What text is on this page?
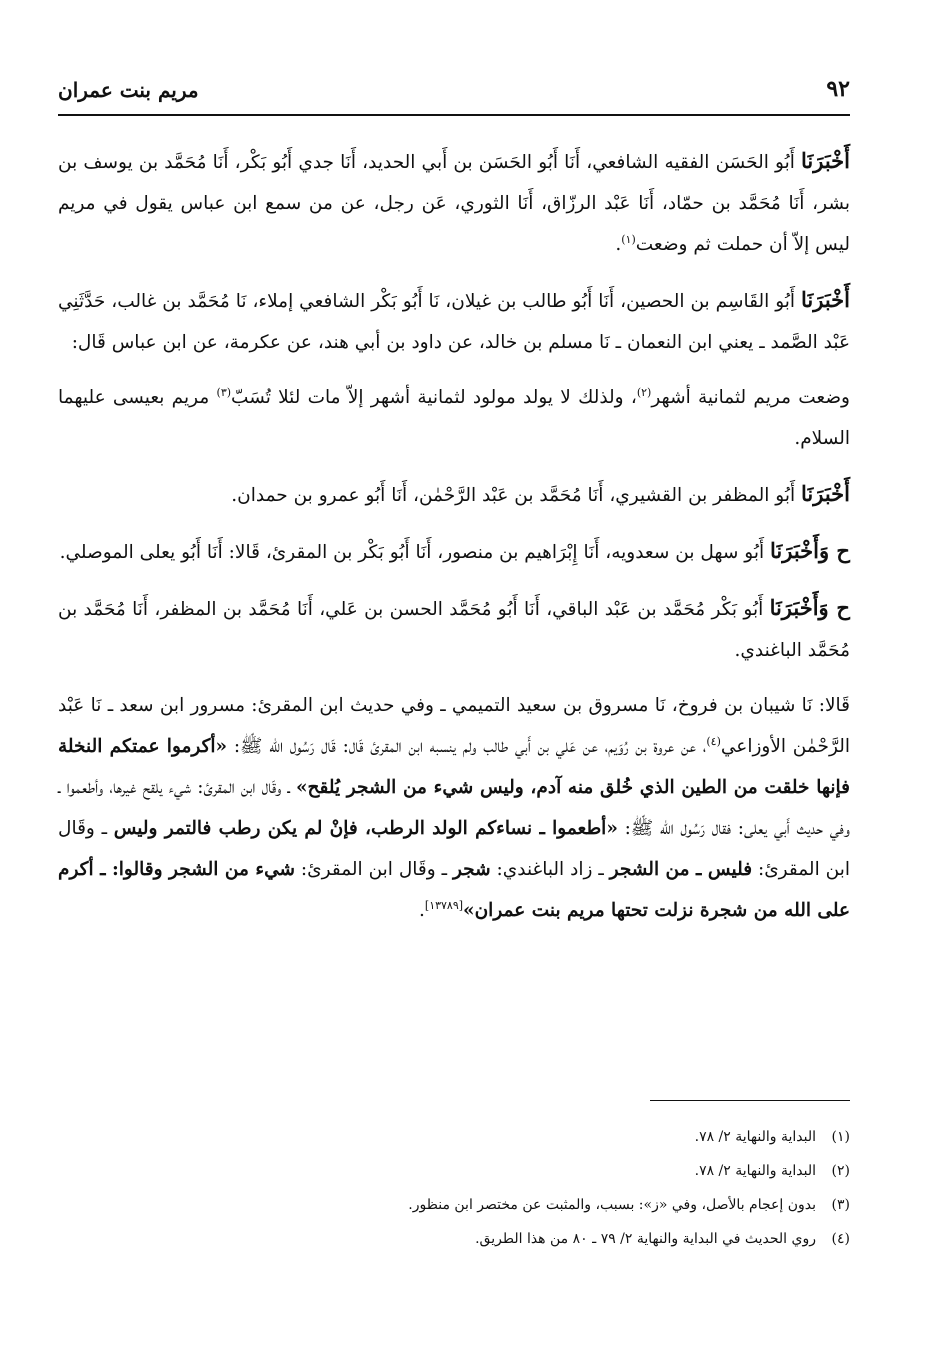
٩٢
مريم بنت عمران

أَخْبَرَنَا أَبُو الحَسَن الفقيه الشافعي، أَنَا أَبُو الحَسَن بن أَبي الحديد، أَنَا جدي أَبُو بَكْر، أَنَا مُحَمَّد بن يوسف بن بشر، أَنَا مُحَمَّد بن حمّاد، أَنَا عَبْد الرزّاق، أَنَا الثوري، عَن رجل، عن من سمع ابن عباس يقول في مريم ليس إلاّ أن حملت ثم وضعت$^{(١)}$.

أَخْبَرَنَا أَبُو القَاسِم بن الحصين، أَنَا أَبُو طالب بن غيلان، نَا أَبُو بَكْر الشافعي إملاء، نَا مُحَمَّد بن غالب، حَدَّثَنِي عَبْد الصَّمد ـ يعني ابن النعمان ـ نَا مسلم بن خالد، عن داود بن أبي هند، عن عكرمة، عن ابن عباس قَال:

وضعت مريم لثمانية أشهر$^{(٢)}$، ولذلك لا يولد مولود لثمانية أشهر إلاّ مات لئلا تُسَبّ$^{(٣)}$ مريم بعيسى عليهما السلام.

أَخْبَرَنَا أَبُو المظفر بن القشيري، أَنَا مُحَمَّد بن عَبْد الرَّحْمٰن، أَنَا أَبُو عمرو بن حمدان.

ح وَأَخْبَرَنَا أَبُو سهل بن سعدويه، أَنَا إِبْرَاهيم بن منصور، أَنَا أَبُو بَكْر بن المقرئ، قَالا: أَنَا أَبُو يعلى الموصلي.

ح وَأَخْبَرَنَا أَبُو بَكْر مُحَمَّد بن عَبْد الباقي، أَنَا أَبُو مُحَمَّد الحسن بن عَلي، أَنَا مُحَمَّد بن المظفر، أَنَا مُحَمَّد بن مُحَمَّد الباغندي.

قَالا: نَا شيبان بن فروخ، نَا مسروق بن سعيد التميمي ـ وفي حديث ابن المقرئ: مسرور ابن سعد ـ نَا عَبْد الرَّحْمٰن الأوزاعي$^{(٤)}$، عن عروة بن رُوَيم، عن عَلي بن أَبي طالب ولم ينسبه ابن المقرئ قَال: قَال رَسُول الله ﷺ: «أكرموا عمتكم النخلة فإنها خلقت من الطين الذي خُلق منه آدم، وليس شيء من الشجر يُلقح» ـ وقَال ابن المقرئ: شيء يلقح غيرها، وأطعموا ـ وفي حديث أَبي يعلى: فقال رَسُول الله ﷺ: «أطعموا ـ نساءكم الولد الرطب، فإنْ لم يكن رطب فالتمر وليس ـ وقَال ابن المقرئ: فليس ـ من الشجر ـ زاد الباغندي: شجر ـ وقَال ابن المقرئ: شيء من الشجر وقالوا: ـ أكرم على الله من شجرة نزلت تحتها مريم بنت عمران»[١٣٧٨٩].

(١)البداية والنهاية ٢/ ٧٨.

(٢)البداية والنهاية ٢/ ٧٨.

(٣)بدون إعجام بالأصل، وفي «ز»: بسبب، والمثبت عن مختصر ابن منظور.

(٤)روي الحديث في البداية والنهاية ٢/ ٧٩ ـ ٨٠ من هذا الطريق.
